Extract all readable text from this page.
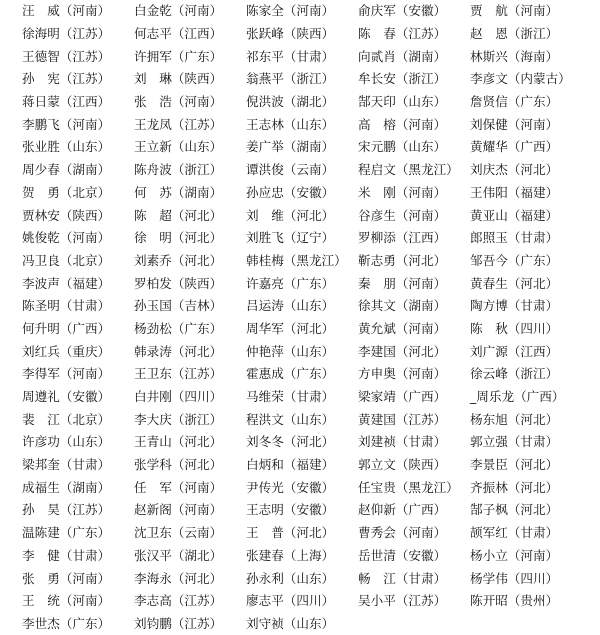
汪　威（河南）	白金乾（河南）	陈家全（河南）	俞庆军（安徽）	贾　航（河南）
徐海明（江苏）	何志平（江西）	张跃峰（陕西）	陈　春（江苏）	赵　恩（浙江）
王德智（江苏）	许拥军（广东）	祁东平（甘肃）	向贰肖（湖南）	林斯兴（海南）
孙　宪（江苏）	刘　琳（陕西）	翁燕平（浙江）	牟长安（浙江）	李彦文（内蒙古）
蒋日蒙（江西）	张　浩（河南）	倪洪波（湖北）	郜天印（山东）	詹贤信（广东）
李鹏飞（河南）	王龙凤（江苏）	王志林（山东）	高　榕（河南）	刘保健（河南）
张业胜（山东）	王立新（山东）	姜广举（湖南）	宋元鹏（山东）	黄耀华（广西）
周少春（湖南）	陈舟波（浙江）	谭洪俊（云南）	程启文（黑龙江） 刘庆杰（河北）
贺　勇（北京）	何　苏（湖南）	孙应忠（安徽）	米　刚（河南）	王伟阳（福建）
贾林安（陕西）	陈　超（河北）	刘　维（河北）	谷彦生（河南）	黄亚山（福建）
姚俊乾（河南）	徐　明（河北）	刘胜飞（辽宁）	罗柳添（江西）	郎照玉（甘肃）
冯卫良（北京）	刘素乔（河北）	韩桂梅（黑龙江） 靳志勇（河北）	邹吾今（广东）
李波声（福建）	罗柏发（陕西）	许嘉亮（广东）	秦　朋（河南）	黄春生（河北）
陈圣明（甘肃）	孙玉国（吉林）	吕运涛（山东）	徐其文（湖南）	陶方博（甘肃）
何升明（广西）	杨劲松（广东）	周华军（河北）	黄允斌（河南）	陈　秋（四川）
刘红兵（重庆）	韩录涛（河北）	仲艳萍（山东）	李建国（河北）	刘广源（江西）
李得军（河南）	王卫东（江苏）	霍惠成（广东）	方申奥（河南）	徐云峰（浙江）
周遵礼（安徽）	白井刚（四川）	马维荣（甘肃）	梁家靖（广西）	_周乐龙（广西）
裴　江（北京）	李大庆（浙江）	程洪文（山东）	黄建国（江苏）	杨东旭（河北）
许彦功（山东）	王青山（河北）	刘冬冬（河北）	刘建祯（甘肃）	郭立强（甘肃）
梁邦奎（甘肃）	张学科（河北）	白炳和（福建）	郭立文（陕西）	李景臣（河北）
成福生（湖南）	任　军（河南）	尹传光（安徽）	任宝贵（黑龙江） 齐振林（河北）
孙　昊（江苏）	赵新阁（河南）	王志明（安徽）	赵仰新（广西）	郜子枫（河北）
温陈建（广东）	沈卫东（云南）	王　普（河北）	曹秀会（河南）	颉军红（甘肃）
李　健（甘肃）	张汉平（湖北）	张建春（上海）	岳世清（安徽）	杨小立（河南）
张　勇（河南）	李海永（河北）	孙永利（山东）	畅　江（甘肃）	杨学伟（四川）
王　统（河南）	李志高（江苏）	廖志平（四川）	吴小平（江苏）	陈开昭（贵州）
李世杰（广东）	刘钧鹏（江苏）	刘守祯（山东）
